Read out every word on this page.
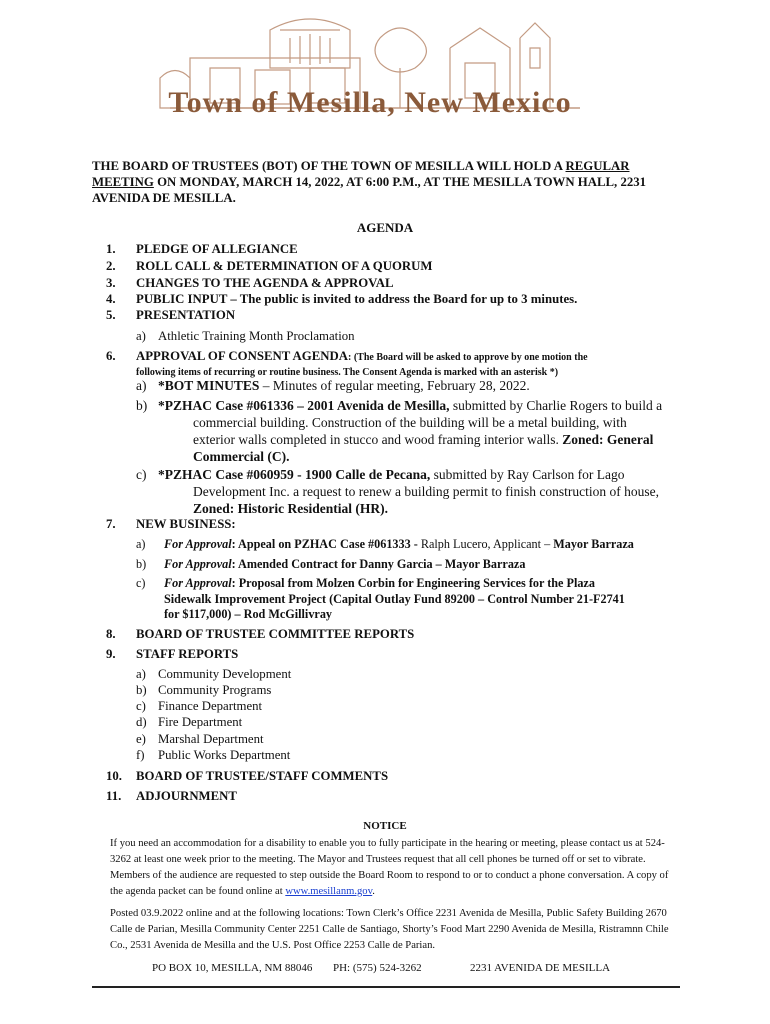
Town of Mesilla, New Mexico
THE BOARD OF TRUSTEES (BOT) OF THE TOWN OF MESILLA WILL HOLD A REGULAR MEETING ON MONDAY, MARCH 14, 2022, AT 6:00 P.M., AT THE MESILLA TOWN HALL, 2231 AVENIDA DE MESILLA.
AGENDA
1.	PLEDGE OF ALLEGIANCE
2.	ROLL CALL & DETERMINATION OF A QUORUM
3.	CHANGES TO THE AGENDA & APPROVAL
4.	PUBLIC INPUT – The public is invited to address the Board for up to 3 minutes.
5.	PRESENTATION
a) Athletic Training Month Proclamation
6.	APPROVAL OF CONSENT AGENDA: (The Board will be asked to approve by one motion the
following items of recurring or routine business. The Consent Agenda is marked with an asterisk *)
a) *BOT MINUTES – Minutes of regular meeting, February 28, 2022.
b) *PZHAC Case #061336 – 2001 Avenida de Mesilla, submitted by Charlie Rogers to build a
commercial building. Construction of the building will be a metal building, with
exterior walls completed in stucco and wood framing interior walls. Zoned: General
Commercial (C).
c) *PZHAC Case #060959 - 1900 Calle de Pecana, submitted by Ray Carlson for Lago
Development Inc. a request to renew a building permit to finish construction of house,
Zoned: Historic Residential (HR).
7.	NEW BUSINESS:
a) For Approval: Appeal on PZHAC Case #061333 - Ralph Lucero, Applicant – Mayor Barraza
b) For Approval: Amended Contract for Danny Garcia – Mayor Barraza
c) For Approval: Proposal from Molzen Corbin for Engineering Services for the Plaza
Sidewalk Improvement Project (Capital Outlay Fund 89200 – Control Number 21-F2741
for $117,000) – Rod McGillivray
8.	BOARD OF TRUSTEE COMMITTEE REPORTS
9.	STAFF REPORTS
a) Community Development
b) Community Programs
c) Finance Department
d) Fire Department
e) Marshal Department
f) Public Works Department
10.	BOARD OF TRUSTEE/STAFF COMMENTS
11.	ADJOURNMENT
NOTICE
If you need an accommodation for a disability to enable you to fully participate in the hearing or meeting, please contact us at 524-3262 at least one week prior to the meeting. The Mayor and Trustees request that all cell phones be turned off or set to vibrate. Members of the audience are requested to step outside the Board Room to respond to or to conduct a phone conversation. A copy of the agenda packet can be found online at www.mesillanm.gov.
Posted 03.9.2022 online and at the following locations: Town Clerk’s Office 2231 Avenida de Mesilla, Public Safety Building 2670 Calle de Parian, Mesilla Community Center 2251 Calle de Santiago, Shorty’s Food Mart 2290 Avenida de Mesilla, Ristramnn Chile Co., 2531 Avenida de Mesilla and the U.S. Post Office 2253 Calle de Parian.
PO BOX 10, MESILLA, NM 88046 PH: (575) 524-3262	2231 AVENIDA DE MESILLA
